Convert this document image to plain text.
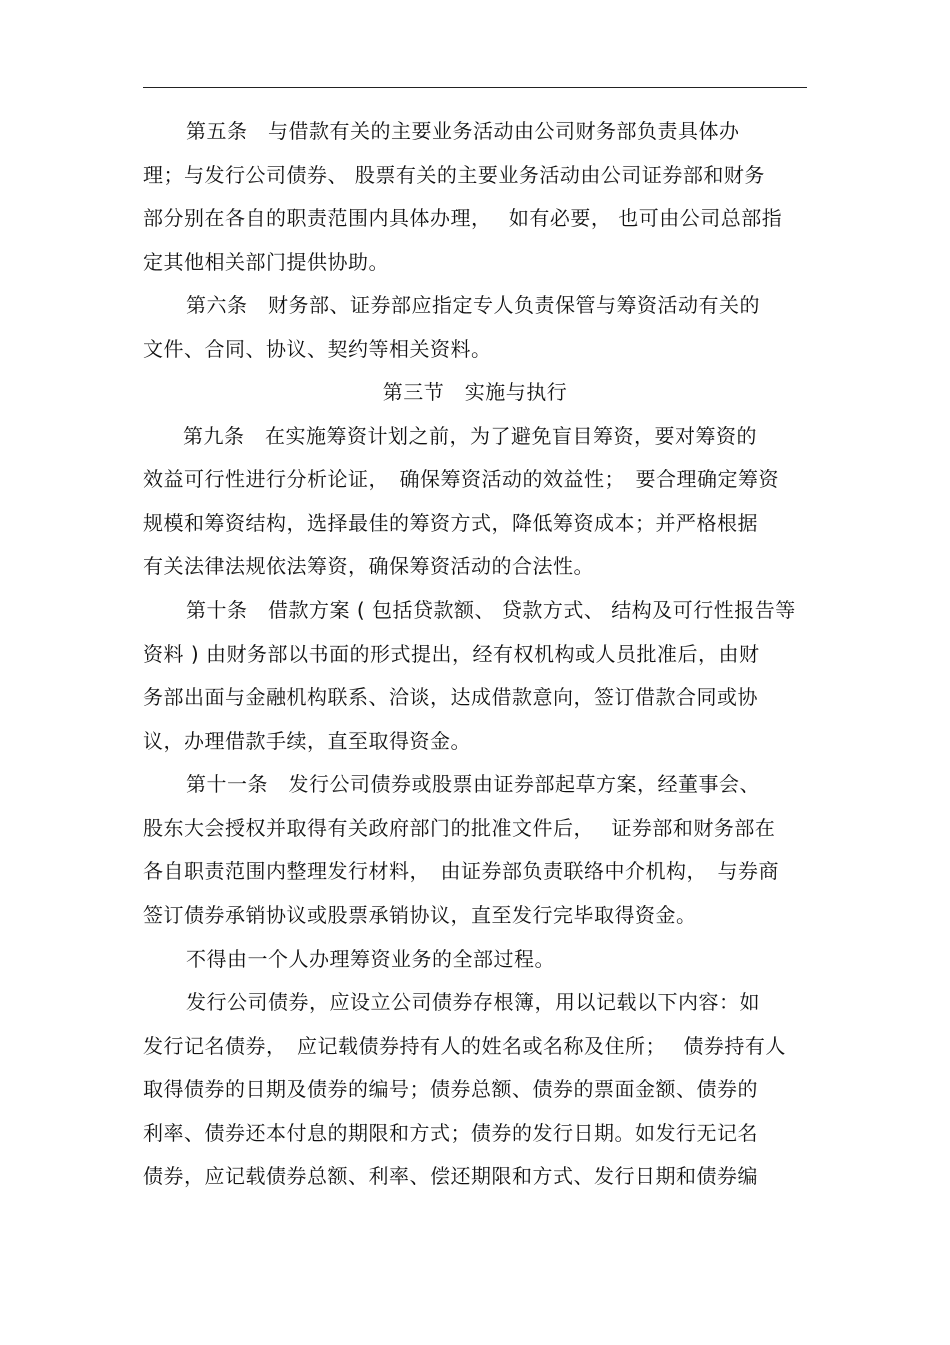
第五条　与借款有关的主要业务活动由公司财务部负责具体办
理；与发行公司债券、 股票有关的主要业务活动由公司证券部和财务
部分别在各自的职责范围内具体办理，　 如有必要， 也可由公司总部指
定其他相关部门提供协助。
第六条　财务部、证券部应指定专人负责保管与筹资活动有关的
文件、合同、协议、契约等相关资料。
第三节　实施与执行
第九条　在实施筹资计划之前，为了避免盲目筹资，要对筹资的
效益可行性进行分析论证，　确保筹资活动的效益性；　要合理确定筹资
规模和筹资结构，选择最佳的筹资方式，降低筹资成本；并严格根据
有关法律法规依法筹资，确保筹资活动的合法性。
第十条　借款方案 ( 包括贷款额、 贷款方式、 结构及可行性报告等
资料 ) 由财务部以书面的形式提出，经有权机构或人员批准后，由财
务部出面与金融机构联系、洽谈，达成借款意向，签订借款合同或协
议，办理借款手续，直至取得资金。
第十一条　发行公司债券或股票由证券部起草方案，经董事会、
股东大会授权并取得有关政府部门的批准文件后，　 证券部和财务部在
各自职责范围内整理发行材料，　由证券部负责联络中介机构，　与券商
签订债券承销协议或股票承销协议，直至发行完毕取得资金。
不得由一个人办理筹资业务的全部过程。
发行公司债券，应设立公司债券存根簿，用以记载以下内容：如
发行记名债券，　应记载债券持有人的姓名或名称及住所；　 债券持有人
取得债券的日期及债券的编号；债券总额、债券的票面金额、债券的
利率、债券还本付息的期限和方式；债券的发行日期。如发行无记名
债券，应记载债券总额、利率、偿还期限和方式、发行日期和债券编
